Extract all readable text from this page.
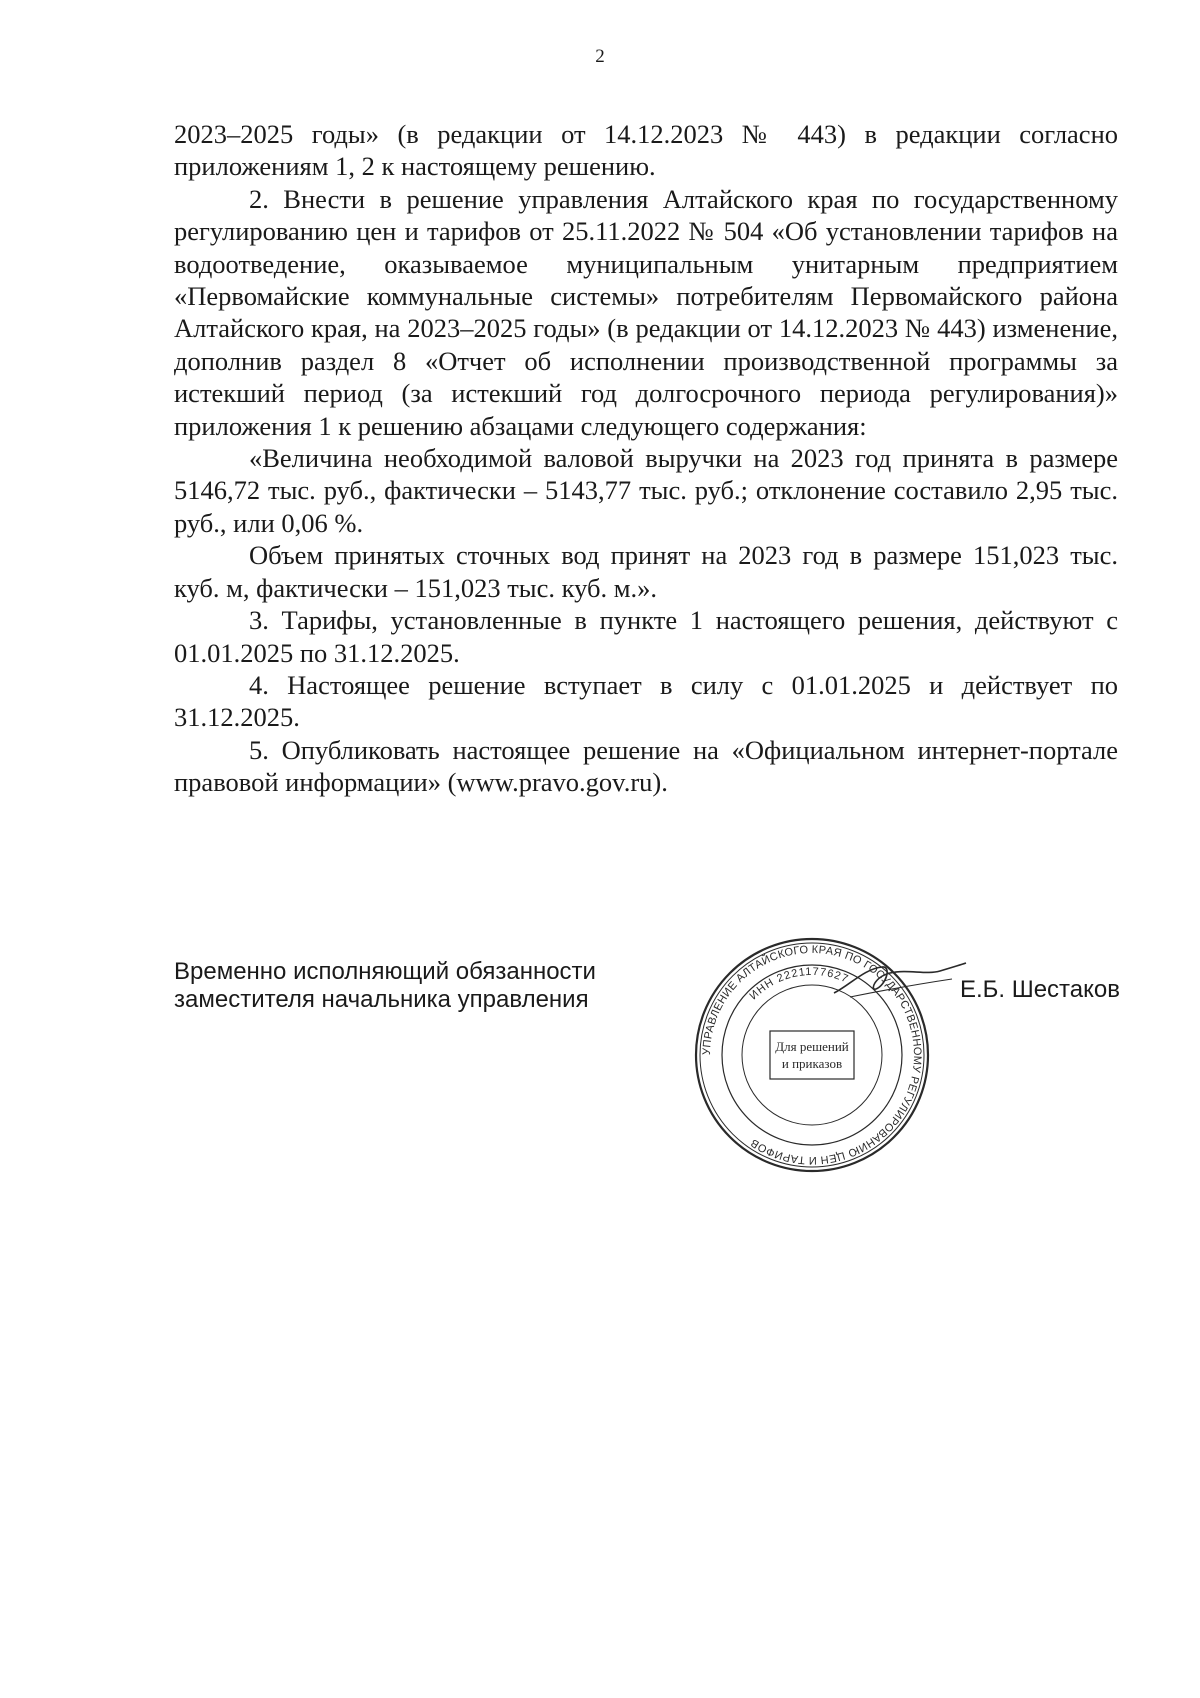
2

2023–2025 годы» (в редакции от 14.12.2023 № 443) в редакции согласно приложениям 1, 2 к настоящему решению.

2. Внести в решение управления Алтайского края по государственному регулированию цен и тарифов от 25.11.2022 № 504 «Об установлении тарифов на водоотведение, оказываемое муниципальным унитарным предприятием «Первомайские коммунальные системы» потребителям Первомайского района Алтайского края, на 2023–2025 годы» (в редакции от 14.12.2023 № 443) изменение, дополнив раздел 8 «Отчет об исполнении производственной программы за истекший период (за истекший год долгосрочного периода регулирования)» приложения 1 к решению абзацами следующего содержания:

«Величина необходимой валовой выручки на 2023 год принята в размере 5146,72 тыс. руб., фактически – 5143,77 тыс. руб.; отклонение составило 2,95 тыс. руб., или 0,06 %.

Объем принятых сточных вод принят на 2023 год в размере 151,023 тыс. куб. м, фактически – 151,023 тыс. куб. м.».

3. Тарифы, установленные в пункте 1 настоящего решения, действуют с 01.01.2025 по 31.12.2025.

4. Настоящее решение вступает в силу с 01.01.2025 и действует по 31.12.2025.

5. Опубликовать настоящее решение на «Официальном интернет-портале правовой информации» (www.pravo.gov.ru).

Временно исполняющий обязанности
заместителя начальника управления
УПРАВЛЕНИЕ АЛТАЙСКОГО КРАЯ ПО ГОСУДАРСТВЕННОМУ РЕГУЛИРОВАНИЮ ЦЕН И ТАРИФОВ
ИНН 2221177627
Для решений
и приказов
Е.Б. Шестаков
